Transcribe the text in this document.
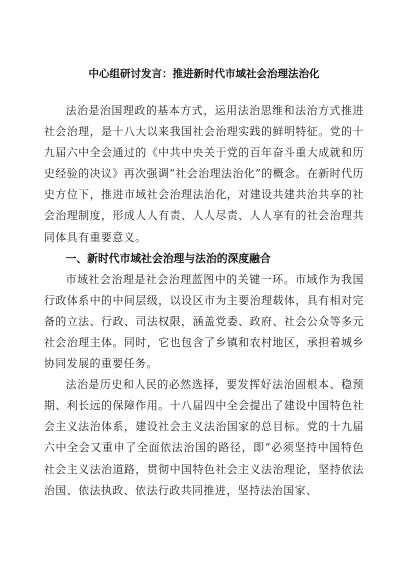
中心组研讨发言：推进新时代市域社会治理法治化

法治是治国理政的基本方式，运用法治思维和法治方式推进社会治理，是十八大以来我国社会治理实践的鲜明特征。党的十九届六中全会通过的《中共中央关于党的百年奋斗重大成就和历史经验的决议》再次强调“社会治理法治化”的概念。在新时代历史方位下，推进市域社会治理法治化，对建设共建共治共享的社会治理制度，形成人人有责、人人尽责、人人享有的社会治理共同体具有重要意义。

一、新时代市域社会治理与法治的深度融合

市域社会治理是社会治理蓝图中的关键一环。市域作为我国行政体系中的中间层级，以设区市为主要治理载体，具有相对完备的立法、行政、司法权限，涵盖党委、政府、社会公众等多元社会治理主体。同时，它也包含了乡镇和农村地区，承担着城乡协同发展的重要任务。

法治是历史和人民的必然选择，要发挥好法治固根本、稳预期、利长远的保障作用。十八届四中全会提出了建设中国特色社会主义法治体系，建设社会主义法治国家的总目标。党的十九届六中全会又重申了全面依法治国的路径，即“必须坚持中国特色社会主义法治道路，贯彻中国特色社会主义法治理论，坚持依法治国、依法执政、依法行政共同推进，坚持法治国家、
